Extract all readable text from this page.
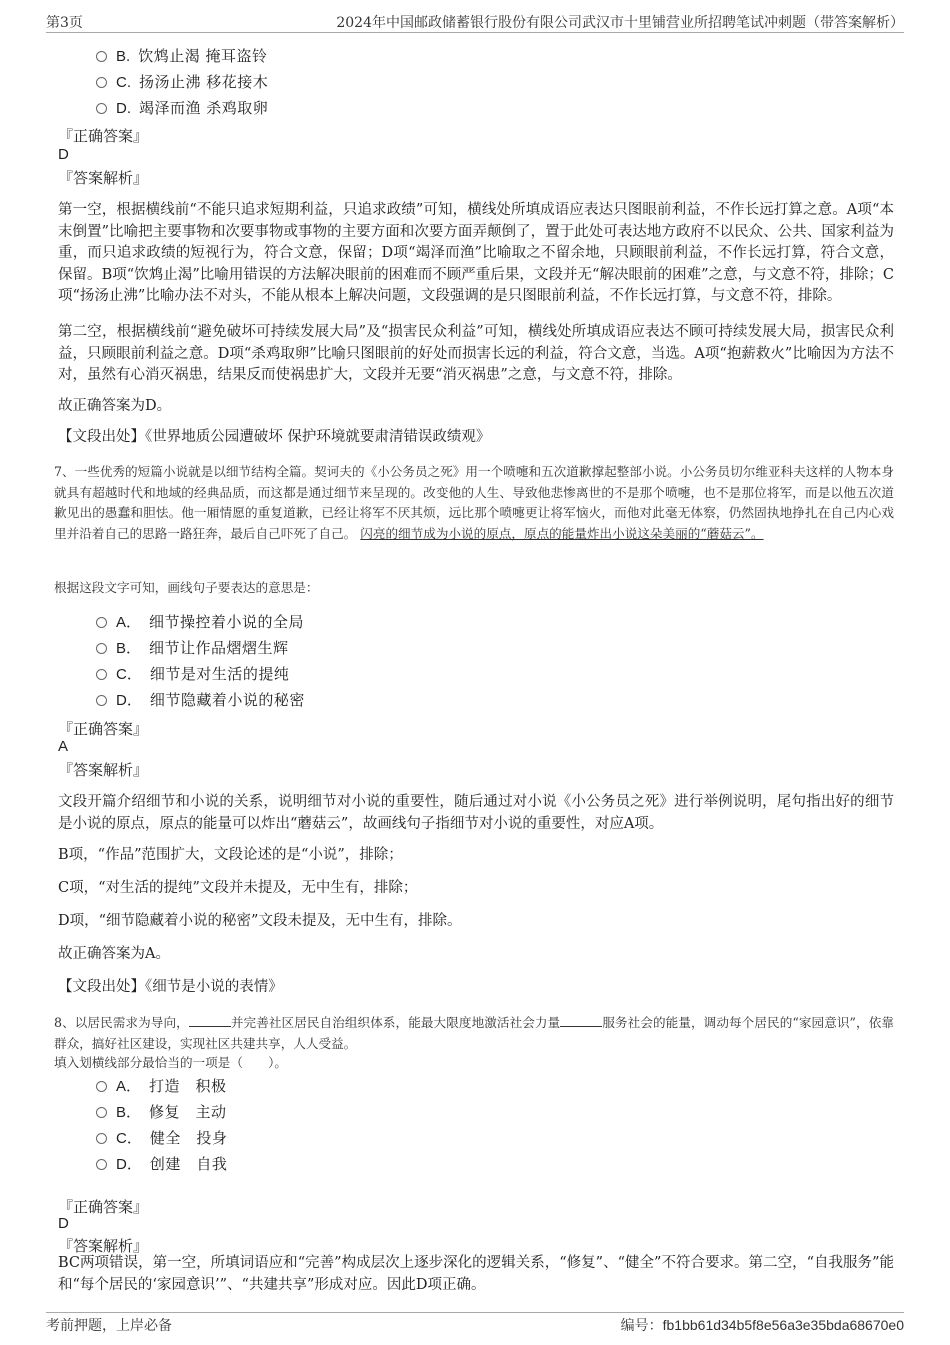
第3页	2024年中国邮政储蓄银行股份有限公司武汉市十里铺营业所招聘笔试冲刺题（带答案解析）
B. 饮鸩止渴 掩耳盗铃
C. 扬汤止沸 移花接木
D. 竭泽而渔 杀鸡取卵
『正确答案』
D
『答案解析』
第一空，根据横线前“不能只追求短期利益，只追求政绩”可知，横线处所填成语应表达只图眼前利益，不作长远打算之意。A项“本末倒置”比喻把主要事物和次要事物或事物的主要方面和次要方面弄颠倒了，置于此处可表达地方政府不以民众、公共、国家利益为重，而只追求政绩的短视行为，符合文意，保留；D项“竭泽而渔”比喻取之不留余地，只顾眼前利益，不作长远打算，符合文意，保留。B项“饮鸩止渴”比喻用错误的方法解决眼前的困难而不顾严重后果，文段并无“解决眼前的困难”之意，与文意不符，排除；C项“扬汤止沸”比喻办法不对头，不能从根本上解决问题，文段强调的是只图眼前利益，不作长远打算，与文意不符，排除。
第二空，根据横线前“避免破坏可持续发展大局”及“损害民众利益”可知，横线处所填成语应表达不顾可持续发展大局，损害民众利益，只顾眼前利益之意。D项“杀鸡取卵”比喻只图眼前的好处而损害长远的利益，符合文意，当选。A项“抱薪救火”比喻因为方法不对，虽然有心消灭祸患，结果反而使祸患扩大，文段并无要“消灭祸患”之意，与文意不符，排除。
故正确答案为D。
【文段出处】《世界地质公园遭破坏 保护环境就要肃清错误政绩观》
7、一些优秀的短篇小说就是以细节结构全篇。契诃夫的《小公务员之死》用一个喷嚏和五次道歉撑起整部小说。小公务员切尔维亚科夫这样的人物本身就具有超越时代和地域的经典品质，而这都是通过细节来呈现的。改变他的人生、导致他悲惨离世的不是那个喷嚏，也不是那位将军，而是以他五次道歉见出的愚蠢和胆怯。他一厢情愿的重复道歉，已经让将军不厌其烦，远比那个喷嚏更让将军恼火，而他对此毫无体察，仍然固执地挣扎在自己内心戏里并沿着自己的思路一路狂奔，最后自己吓死了自己。 闪亮的细节成为小说的原点，原点的能量炸出小说这朵美丽的“蘑菇云”。
根据这段文字可知，画线句子要表达的意思是：
A． 细节操控着小说的全局
B． 细节让作品熠熠生辉
C． 细节是对生活的提纯
D． 细节隐藏着小说的秘密
『正确答案』
A
『答案解析』
文段开篇介绍细节和小说的关系，说明细节对小说的重要性，随后通过对小说《小公务员之死》进行举例说明，尾句指出好的细节是小说的原点，原点的能量可以炸出“蘑菇云”，故画线句子指细节对小说的重要性，对应A项。
B项，“作品”范围扩大，文段论述的是“小说”，排除；
C项，“对生活的提纯”文段并未提及，无中生有，排除；
D项，“细节隐藏着小说的秘密”文段未提及，无中生有，排除。
故正确答案为A。
【文段出处】《细节是小说的表情》
8、以居民需求为导向，	并完善社区居民自治组织体系，能最大限度地激活社会力量	服务社会的能量，调动每个居民的“家园意识”，依靠群众，搞好社区建设，实现社区共建共享，人人受益。
填入划横线部分最恰当的一项是（　　）。
A． 打造　积极
B． 修复　主动
C． 健全　投身
D． 创建　自我
『正确答案』
D
『答案解析』
BC两项错误，第一空，所填词语应和“完善”构成层次上逐步深化的逻辑关系，“修复”、“健全”不符合要求。第二空，“自我服务”能和“每个居民的‘家园意识’”、“共建共享”形成对应。因此D项正确。
考前押题，上岸必备	编号：fb1bb61d34b5f8e56a3e35bda68670e0
